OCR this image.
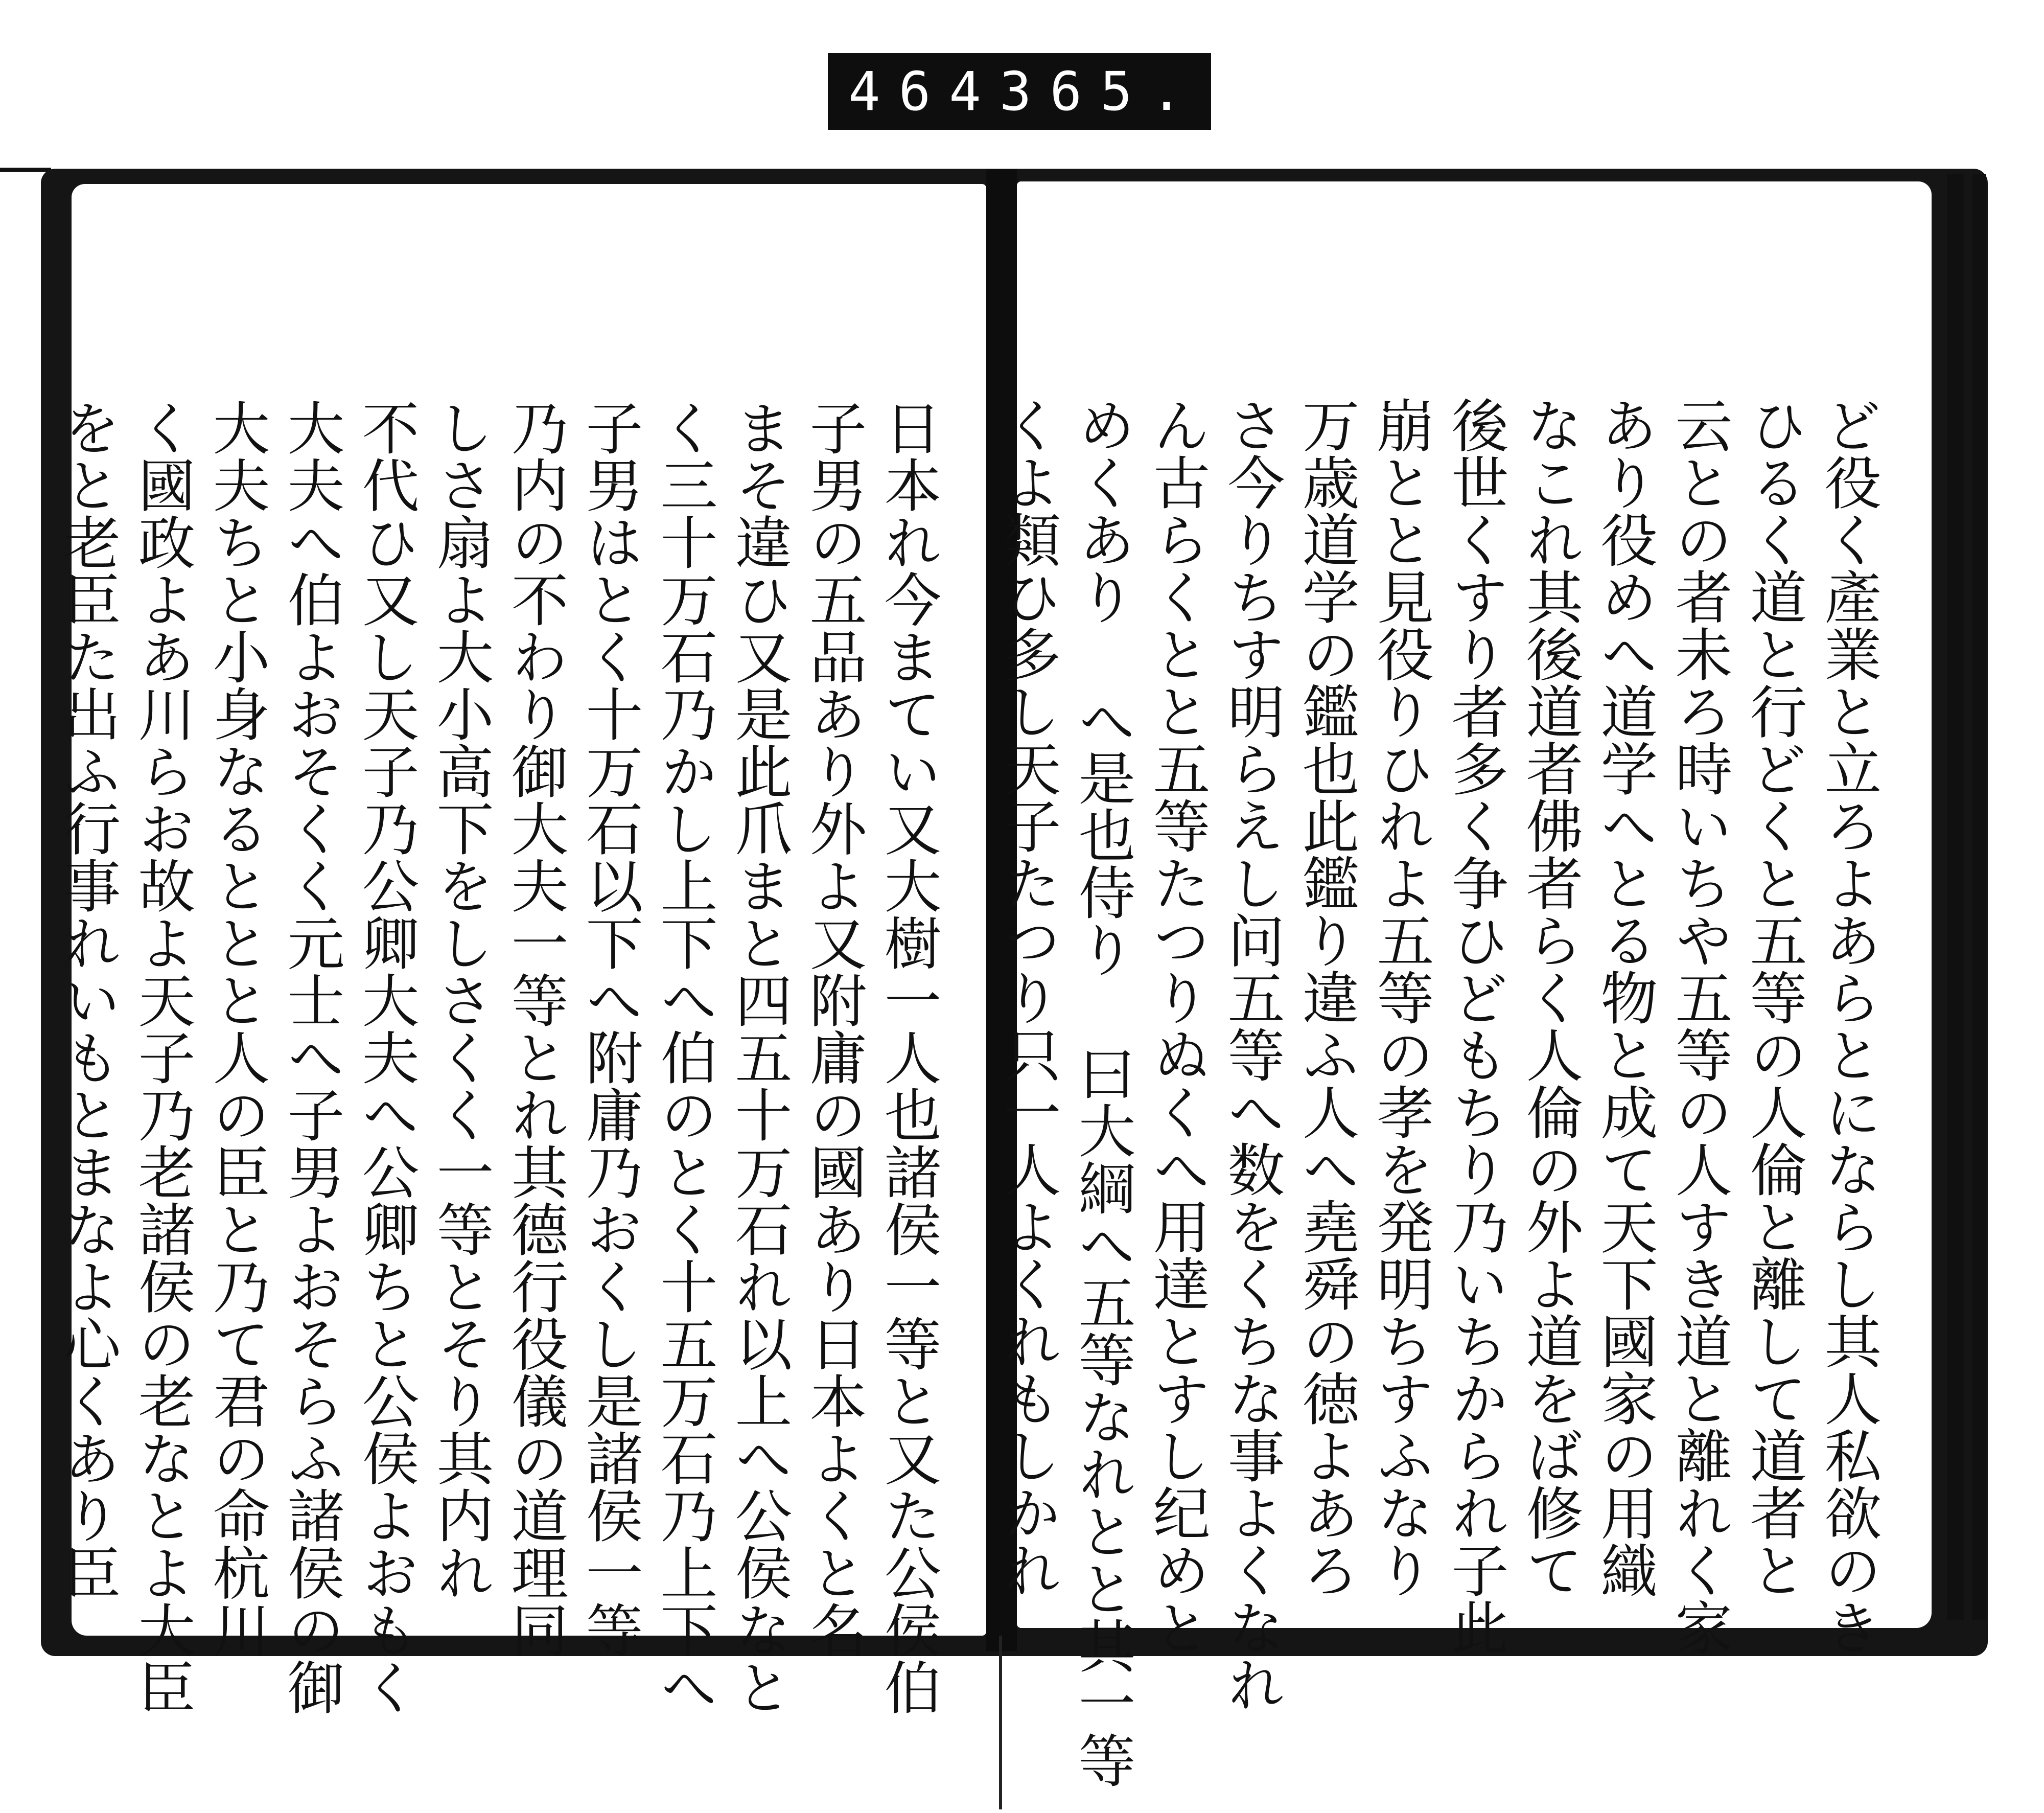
464 365.
日本れ今まてい又大樹一人也諸侯一等と又た公侯伯
子男の五品あり外よ又附庸の國あり日本よくと名
まそ違ひ又是此爪まと四五十万石れ以上へ公侯なと
く三十万石乃かし上下へ伯のとく十五万石乃上下へ
子男はとく十万石以下へ附庸乃おくし是諸侯一等
乃内の不わり御大夫一等とれ其德行役儀の道理同
しさ扇よ大小高下をしさくく一等とそり其内れ
不代ひ又し天子乃公卿大夫へ公卿ちと公侯よおもく
大夫へ伯よおそくく元士へ子男よおそらふ諸侯の御
大夫ちと小身なるととと人の臣と乃て君の命杭川
く國政よあ川らお故よ天子乃老諸侯の老なとよ大臣
をと老臣た出ふ行事れいもとまなよ心くあり臣	ど役く產業と立ろよあらとにならし其人私欲のき
ひるく道と行どくと五等の人倫と離して道者と
云との者未ろ時いちや五等の人すき道と離れく家
あり役めへ道学へとる物と成て天下國家の用織
なこれ其後道者佛者らく人倫の外よ道をば修て
後世くすり者多く争ひどもちり乃いちかられ子此
崩とと見役りひれよ五等の孝を発明ちすふなり
万歳道学の鑑也此鑑り違ふ人へ堯舜の徳よあろ
さ今りちす明らえし问五等へ数をくちな事よくなれ
ん古らくとと五等たつりぬくへ用達とすし纪めと
めくあり へ是也侍り 曰大綱へ五等なれとと其一等
くよ類ひ多し天子たつり只一人よくれもしかれ
